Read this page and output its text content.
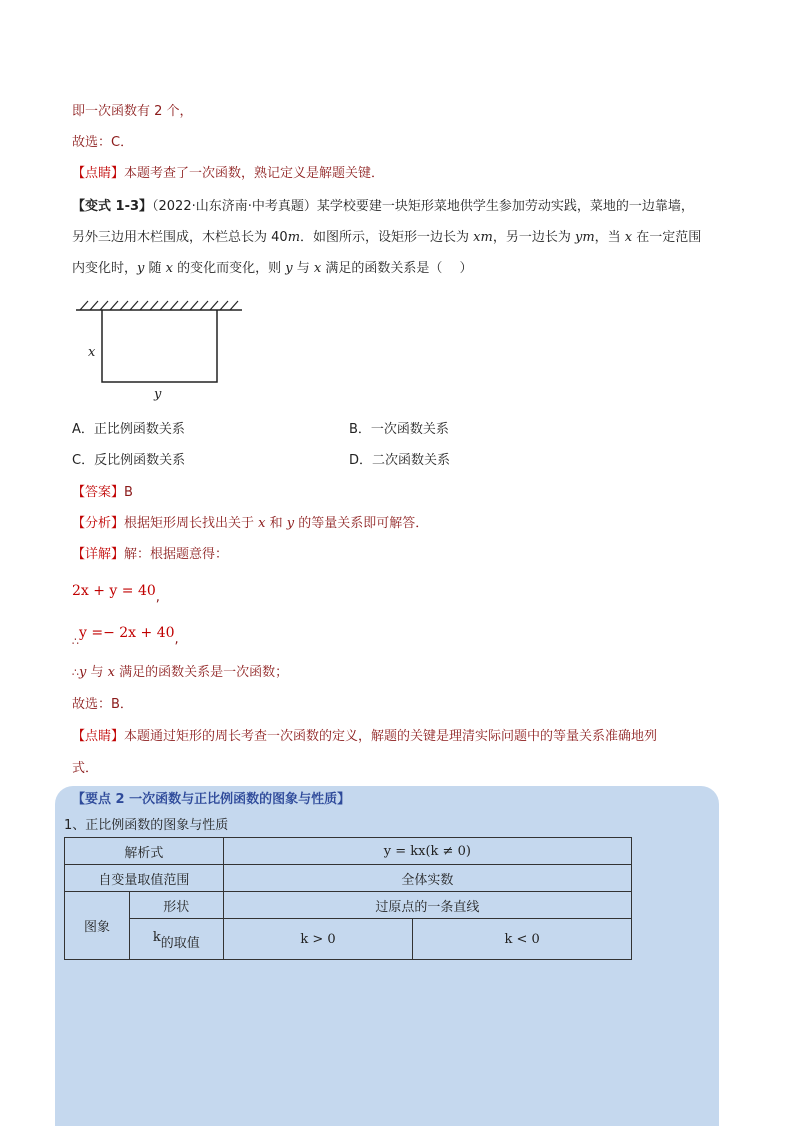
即一次函数有 2 个，
故选：C．
【点睛】本题考查了一次函数，熟记定义是解题关键．
【变式 1-3】（2022·山东济南·中考真题）某学校要建一块矩形菜地供学生参加劳动实践，菜地的一边靠墙，
另外三边用木栏围成，木栏总长为 40m．如图所示，设矩形一边长为 xm，另一边长为 ym，当 x 在一定范围
内变化时，y 随 x 的变化而变化，则 y 与 x 满足的函数关系是（　 ）
x
y
A．正比例函数关系	B．一次函数关系
C．反比例函数关系	D．二次函数关系
【答案】B
【分析】根据矩形周长找出关于 x 和 y 的等量关系即可解答．
【详解】解：根据题意得：
2x + y = 40,
$_\therefore$y =− 2x + 40,
∴y 与 x 满足的函数关系是一次函数；
故选：B．
【点睛】本题通过矩形的周长考查一次函数的定义，解题的关键是理清实际问题中的等量关系准确地列
式．
【要点 2 一次函数与正比例函数的图象与性质】
1、正比例函数的图象与性质
解析式		y = kx(k ≠ 0)	
自变量取值范围		全体实数	
图象	形状	过原点的一条直线	
	k的取值	k > 0	k < 0
